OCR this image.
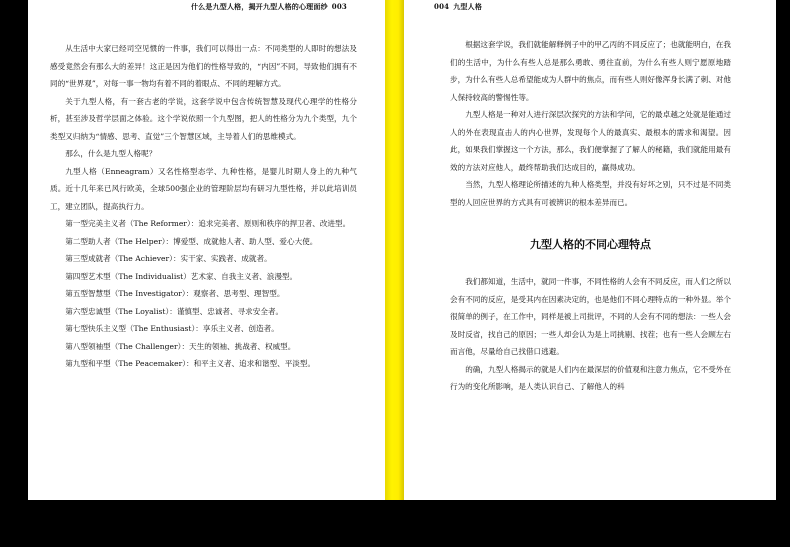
什么是九型人格，揭开九型人格的心理面纱 003

从生活中大家已经司空见惯的一件事，我们可以得出一点：不同类型的人即时的想法及感受竟然会有那么大的差异！这正是因为他们的性格导致的，“内因”不同，导致他们拥有不同的“世界观”，对每一事一物均有着不同的着眼点、不同的理解方式。

关于九型人格，有一套古老的学说，这套学说中包含传统智慧及现代心理学的性格分析，甚至涉及哲学层面之体验。这个学说依照一个九型图，把人的性格分为九个类型，九个类型又归纳为“情感、思考、直觉”三个智慧区域，主导着人们的思维模式。

那么，什么是九型人格呢？

九型人格（Enneagram）又名性格型态学、九种性格，是婴儿时期人身上的九种气质。近十几年来已风行欧美，全球500强企业的管理阶层均有研习九型性格，并以此培训员工，建立团队，提高执行力。

第一型完美主义者（The Reformer）：追求完美者、原则和秩序的捍卫者、改进型。

第二型助人者（The Helper）：博爱型、成就他人者、助人型、爱心大使。

第三型成就者（The Achiever）：实干家、实践者、成就者。

第四型艺术型（The Individualist）艺术家、自我主义者、浪漫型。

第五型智慧型（The Investigator）：观察者、思考型、理智型。

第六型忠诚型（The Loyalist）：谨慎型、忠诚者、寻求安全者。

第七型快乐主义型（The Enthusiast）：享乐主义者、创造者。

第八型领袖型（The Challenger）：天生的领袖、挑战者、权威型。

第九型和平型（The Peacemaker）：和平主义者、追求和谐型、平淡型。

004 九型人格

根据这套学说，我们就能解释例子中的甲乙丙的不同反应了；也就能明白，在我们的生活中，为什么有些人总是那么勇敢、勇往直前，为什么有些人则宁愿原地踏步，为什么有些人总希望能成为人群中的焦点，而有些人则好像浑身长满了刺、对他人保持较高的警惕性等。

九型人格是一种对人进行深层次探究的方法和学问，它的最卓越之处就是能通过人的外在表现直击人的内心世界，发现每个人的最真实、最根本的需求和渴望。因此，如果我们掌握这一个方法，那么，我们便掌握了了解人的秘籍，我们就能用最有效的方法对应他人，最终帮助我们达成目的，赢得成功。

当然，九型人格理论所描述的九种人格类型，并没有好坏之别，只不过是不同类型的人回应世界的方式具有可被辨识的根本差异而已。

九型人格的不同心理特点

我们都知道，生活中，就同一件事，不同性格的人会有不同反应，而人们之所以会有不同的反应，是受其内在因素决定的，也是他们不同心理特点的一种外显。举个很简单的例子，在工作中，同样是被上司批评，不同的人会有不同的想法：一些人会及时反省，找自己的原因；一些人却会认为是上司挑剔、找茬；也有一些人会顾左右而言他，尽量给自己找借口逃避。

的确，九型人格揭示的就是人们内在最深层的价值观和注意力焦点，它不受外在行为的变化所影响，是人类认识自己、了解他人的科
